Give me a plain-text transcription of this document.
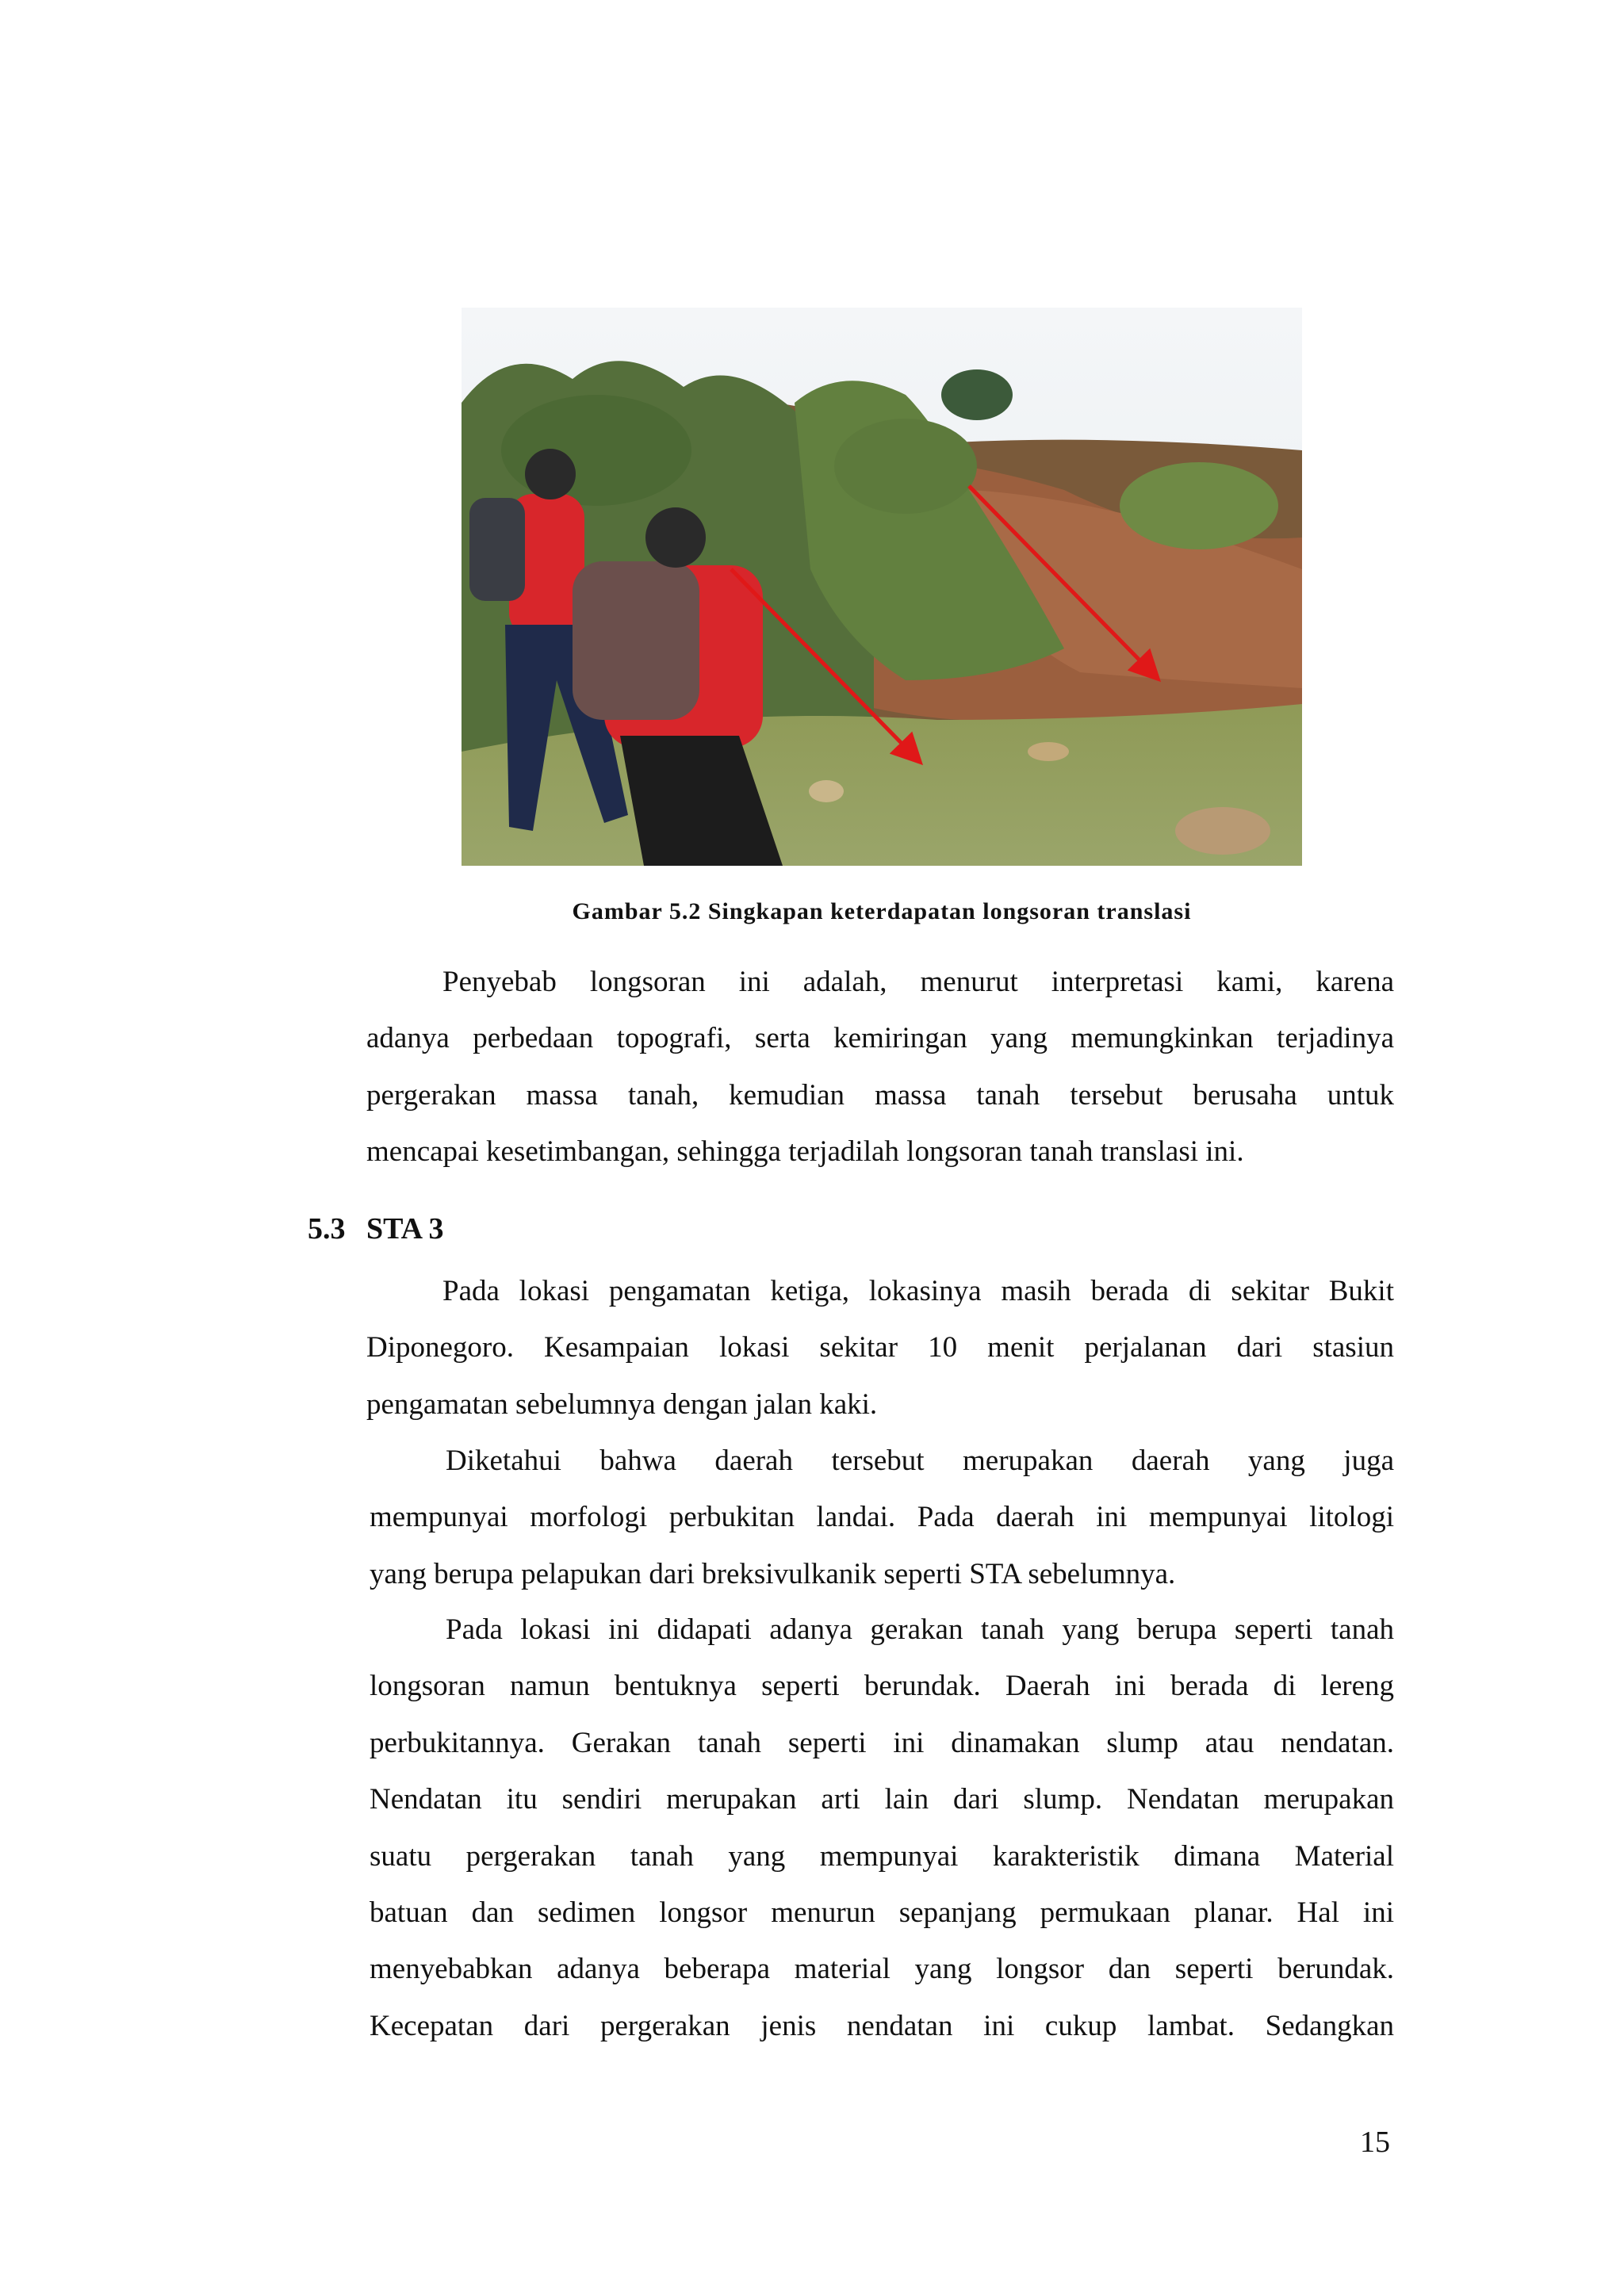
Gambar 5.2 Singkapan keterdapatan longsoran translasi
Penyebab longsoran ini adalah, menurut interpretasi kami, karena
adanya perbedaan topografi, serta kemiringan yang memungkinkan terjadinya
pergerakan massa tanah, kemudian massa tanah tersebut berusaha untuk
mencapai kesetimbangan, sehingga terjadilah longsoran tanah translasi ini.
5.3 STA 3
Pada lokasi pengamatan ketiga, lokasinya masih berada di sekitar Bukit
Diponegoro. Kesampaian lokasi sekitar 10 menit perjalanan dari stasiun
pengamatan sebelumnya dengan jalan kaki.
Diketahui bahwa daerah tersebut merupakan daerah yang juga
mempunyai morfologi perbukitan landai. Pada daerah ini mempunyai litologi
yang berupa pelapukan dari breksivulkanik seperti STA sebelumnya.
Pada lokasi ini didapati adanya gerakan tanah yang berupa seperti tanah
longsoran namun bentuknya seperti berundak. Daerah ini berada di lereng
perbukitannya. Gerakan tanah seperti ini dinamakan slump atau nendatan.
Nendatan itu sendiri merupakan arti lain dari slump. Nendatan merupakan
suatu pergerakan tanah yang mempunyai karakteristik dimana Material
batuan dan sedimen longsor menurun sepanjang permukaan planar. Hal ini
menyebabkan adanya beberapa material yang longsor dan seperti berundak.
Kecepatan dari pergerakan jenis nendatan ini cukup lambat. Sedangkan
15
